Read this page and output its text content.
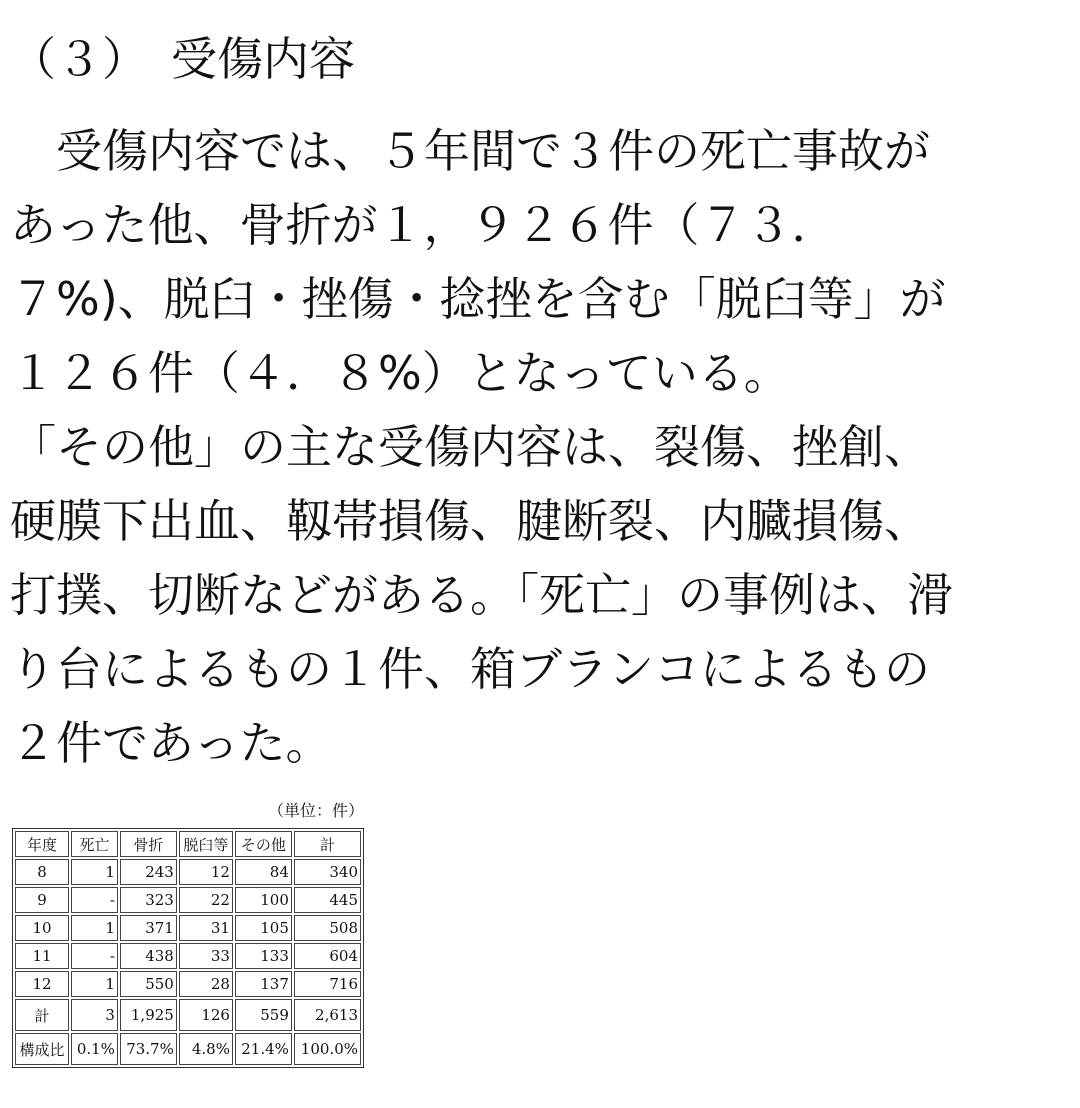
（３）　受傷内容
　受傷内容では、５年間で３件の死亡事故が
あった他、骨折が１，９２６件（７３．
７%)、脱臼・挫傷・捻挫を含む「脱臼等」が
１２６件（４．８%）となっている。
「その他」の主な受傷内容は、裂傷、挫創、
硬膜下出血、靱帯損傷、腱断裂、内臓損傷、
打撲、切断などがある。「死亡」の事例は、滑
り台によるもの１件、箱ブランコによるもの
２件であった。
（単位：件）
年度	死亡	骨折	脱臼等	その他	計
8	1	243	12	84	340
9	-	323	22	100	445
10	1	371	31	105	508
11	-	438	33	133	604
12	1	550	28	137	716
計	3	1,925	126	559	2,613
構成比	0.1%	73.7%	4.8%	21.4%	100.0%
